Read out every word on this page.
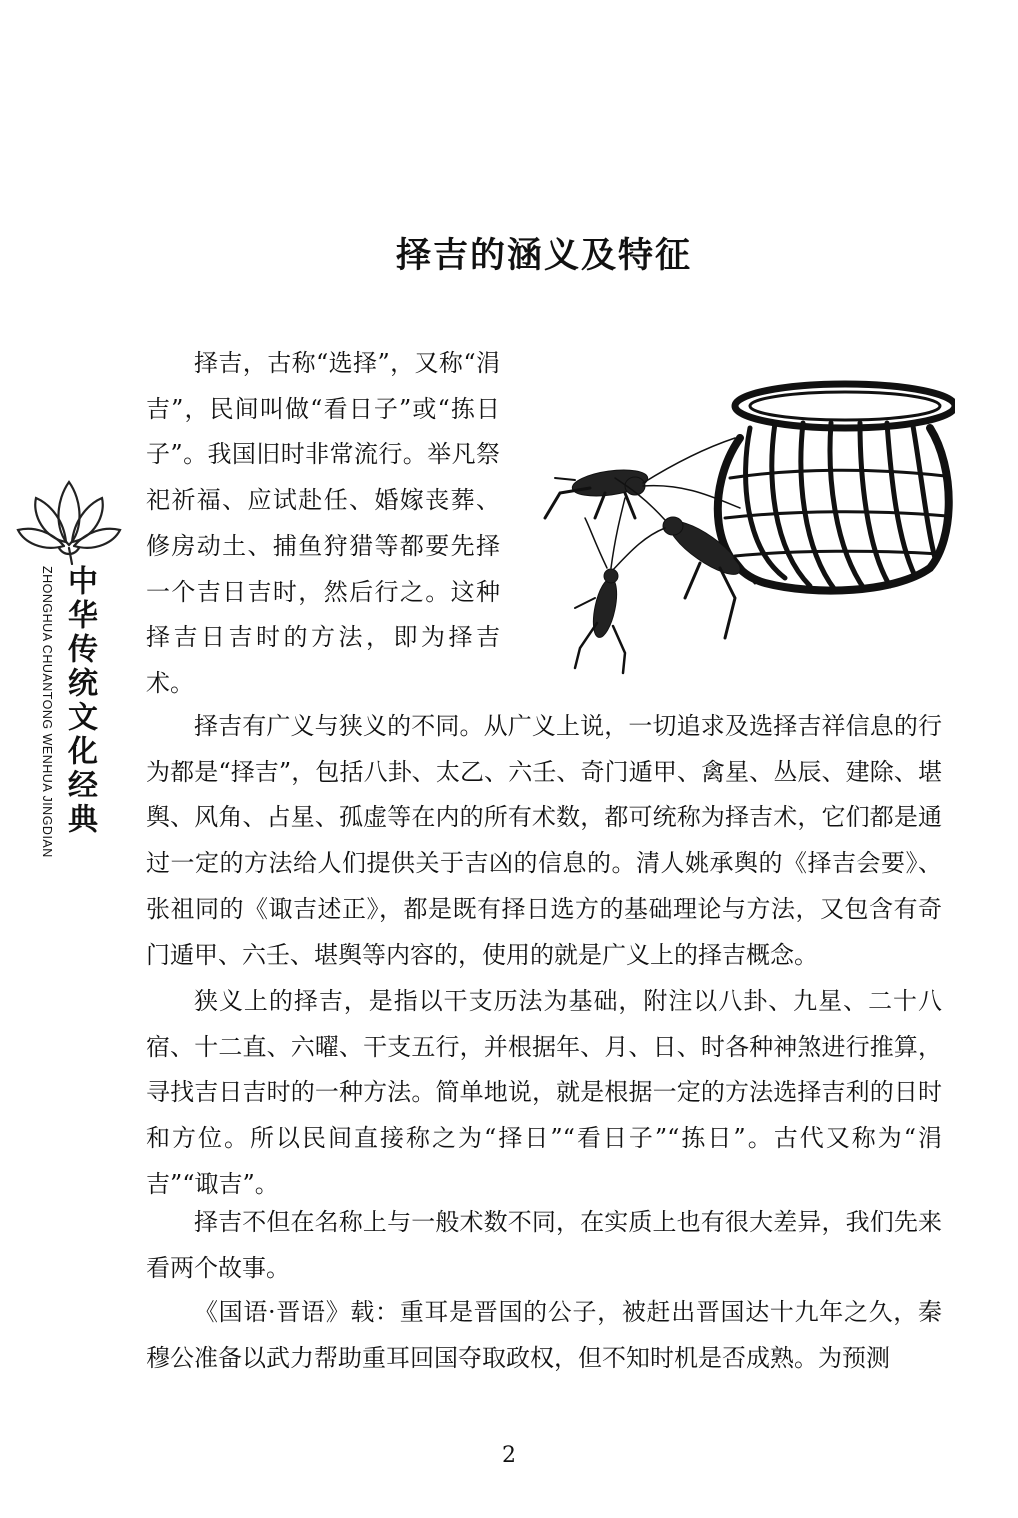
择吉的涵义及特征
中华传统文化经典
ZHONGHUA CHUANTONG WENHUA JINGDIAN

择吉，古称“选择”，又称“涓吉”，民间叫做“看日子”或“拣日子”。我国旧时非常流行。举凡祭祀祈福、应试赴任、婚嫁丧葬、修房动土、捕鱼狩猎等都要先择一个吉日吉时，然后行之。这种择吉日吉时的方法，即为择吉术。

择吉有广义与狭义的不同。从广义上说，一切追求及选择吉祥信息的行为都是“择吉”，包括八卦、太乙、六壬、奇门遁甲、禽星、丛辰、建除、堪舆、风角、占星、孤虚等在内的所有术数，都可统称为择吉术，它们都是通过一定的方法给人们提供关于吉凶的信息的。清人姚承舆的《择吉会要》、张祖同的《诹吉述正》，都是既有择日选方的基础理论与方法，又包含有奇门遁甲、六壬、堪舆等内容的，使用的就是广义上的择吉概念。

狭义上的择吉，是指以干支历法为基础，附注以八卦、九星、二十八宿、十二直、六曜、干支五行，并根据年、月、日、时各种神煞进行推算，寻找吉日吉时的一种方法。简单地说，就是根据一定的方法选择吉利的日时和方位。所以民间直接称之为“择日”“看日子”“拣日”。古代又称为“涓吉”“诹吉”。

择吉不但在名称上与一般术数不同，在实质上也有很大差异，我们先来看两个故事。

《国语·晋语》载：重耳是晋国的公子，被赶出晋国达十九年之久，秦穆公准备以武力帮助重耳回国夺取政权，但不知时机是否成熟。为预测

2
